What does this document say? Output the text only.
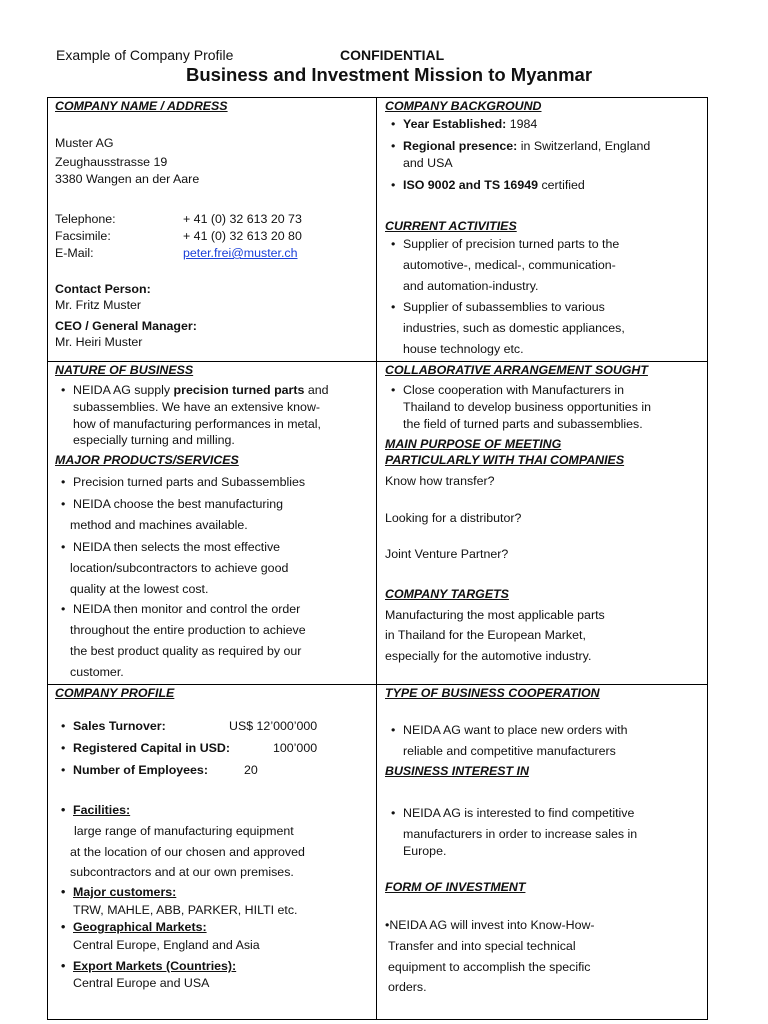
Example of Company Profile	CONFIDENTIAL
Business and Investment Mission to Myanmar
COMPANY NAME / ADDRESS
Muster AG
Zeughausstrasse 19
3380 Wangen an der Aare
Telephone:	+ 41 (0) 32 613 20 73
Facsimile:	+ 41 (0) 32 613 20 80
E-Mail:	peter.frei@muster.ch
Contact Person:
Mr. Fritz Muster
CEO / General Manager:
Mr. Heiri Muster
COMPANY BACKGROUND
• Year Established: 1984
• Regional presence: in Switzerland, England
and USA
• ISO 9002 and TS 16949 certified
CURRENT ACTIVITIES
• Supplier of precision turned parts to the
automotive-, medical-, communication-
and automation-industry.
• Supplier of subassemblies to various
industries, such as domestic appliances,
house technology etc.
NATURE OF BUSINESS
• NEIDA AG supply precision turned parts and
subassemblies. We have an extensive know-
how of manufacturing performances in metal,
especially turning and milling.
MAJOR PRODUCTS/SERVICES
• Precision turned parts and Subassemblies
• NEIDA choose the best manufacturing
method and machines available.
• NEIDA then selects the most effective
location/subcontractors to achieve good
quality at the lowest cost.
• NEIDA then monitor and control the order
throughout the entire production to achieve
the best product quality as required by our
customer.
COLLABORATIVE ARRANGEMENT SOUGHT
• Close cooperation with Manufacturers in
Thailand to develop business opportunities in
the field of turned parts and subassemblies.
MAIN PURPOSE OF MEETING
PARTICULARLY WITH THAI COMPANIES
Know how transfer?
Looking for a distributor?
Joint Venture Partner?
COMPANY TARGETS
Manufacturing the most applicable parts
in Thailand for the European Market,
especially for the automotive industry.
COMPANY PROFILE
• Sales Turnover:	US$ 12’000’000
• Registered Capital in USD:	100’000
• Number of Employees:	20
• Facilities:
large range of manufacturing equipment
at the location of our chosen and approved
subcontractors and at our own premises.
• Major customers:
TRW, MAHLE, ABB, PARKER, HILTI etc.
• Geographical Markets:
Central Europe, England and Asia
• Export Markets (Countries):
Central Europe and USA
TYPE OF BUSINESS COOPERATION
• NEIDA AG want to place new orders with
reliable and competitive manufacturers
BUSINESS INTEREST IN
• NEIDA AG is interested to find competitive
manufacturers in order to increase sales in
Europe.
FORM OF INVESTMENT
•NEIDA AG will invest into Know-How-
Transfer and into special technical
equipment to accomplish the specific
orders.
